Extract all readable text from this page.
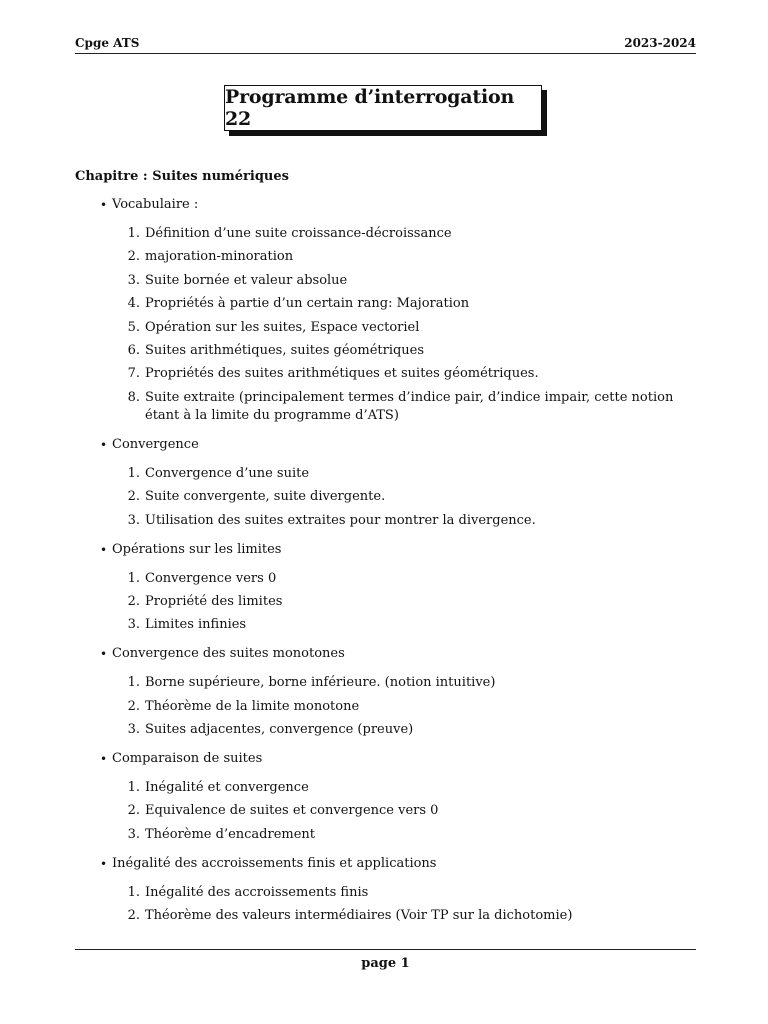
Cpge ATS	2023-2024
Programme d’interrogation 22
Chapitre : Suites numériques
• Vocabulaire :
1. Définition d’une suite croissance-décroissance
2. majoration-minoration
3. Suite bornée et valeur absolue
4. Propriétés à partie d’un certain rang: Majoration
5. Opération sur les suites, Espace vectoriel
6. Suites arithmétiques, suites géométriques
7. Propriétés des suites arithmétiques et suites géométriques.
8. Suite extraite (principalement termes d’indice pair, d’indice impair, cette notion étant à la limite du programme d’ATS)
• Convergence
1. Convergence d’une suite
2. Suite convergente, suite divergente.
3. Utilisation des suites extraites pour montrer la divergence.
• Opérations sur les limites
1. Convergence vers 0
2. Propriété des limites
3. Limites infinies
• Convergence des suites monotones
1. Borne supérieure, borne inférieure. (notion intuitive)
2. Théorème de la limite monotone
3. Suites adjacentes, convergence (preuve)
• Comparaison de suites
1. Inégalité et convergence
2. Equivalence de suites et convergence vers 0
3. Théorème d’encadrement
• Inégalité des accroissements finis et applications
1. Inégalité des accroissements finis
2. Théorème des valeurs intermédiaires (Voir TP sur la dichotomie)
page 1
